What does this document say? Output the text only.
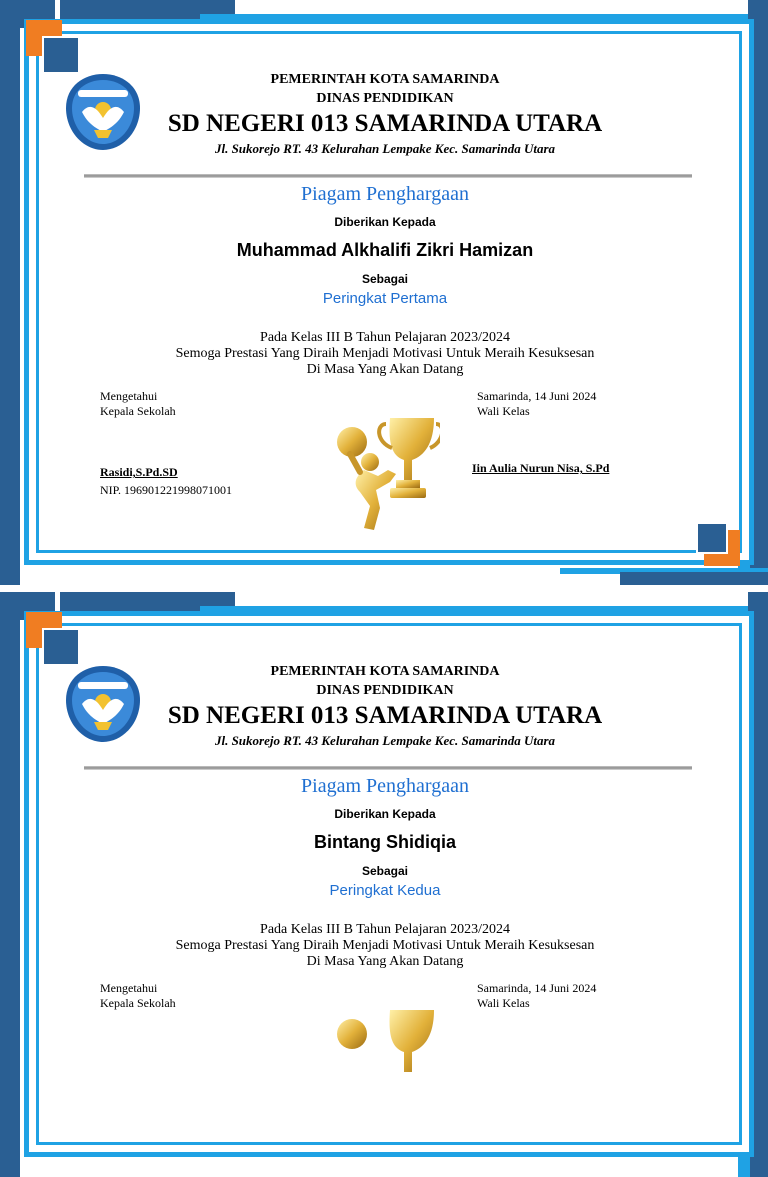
PEMERINTAH KOTA SAMARINDA
DINAS PENDIDIKAN
SD NEGERI 013 SAMARINDA UTARA
Jl. Sukorejo RT. 43 Kelurahan Lempake Kec. Samarinda Utara
Piagam Penghargaan
Diberikan Kepada
Muhammad Alkhalifi Zikri Hamizan
Sebagai
Peringkat Pertama
Pada Kelas III B Tahun Pelajaran 2023/2024
Semoga Prestasi Yang Diraih Menjadi Motivasi Untuk Meraih Kesuksesan
Di Masa Yang Akan Datang
Mengetahui
Kepala Sekolah
Rasidi,S.Pd.SD
NIP. 196901221998071001
Samarinda, 14 Juni 2024
Wali Kelas
Iin Aulia Nurun Nisa, S.Pd
PEMERINTAH KOTA SAMARINDA
DINAS PENDIDIKAN
SD NEGERI 013 SAMARINDA UTARA
Jl. Sukorejo RT. 43 Kelurahan Lempake Kec. Samarinda Utara
Piagam Penghargaan
Diberikan Kepada
Bintang Shidiqia
Sebagai
Peringkat Kedua
Pada Kelas III B Tahun Pelajaran 2023/2024
Semoga Prestasi Yang Diraih Menjadi Motivasi Untuk Meraih Kesuksesan
Di Masa Yang Akan Datang
Mengetahui
Kepala Sekolah
Samarinda, 14 Juni 2024
Wali Kelas
